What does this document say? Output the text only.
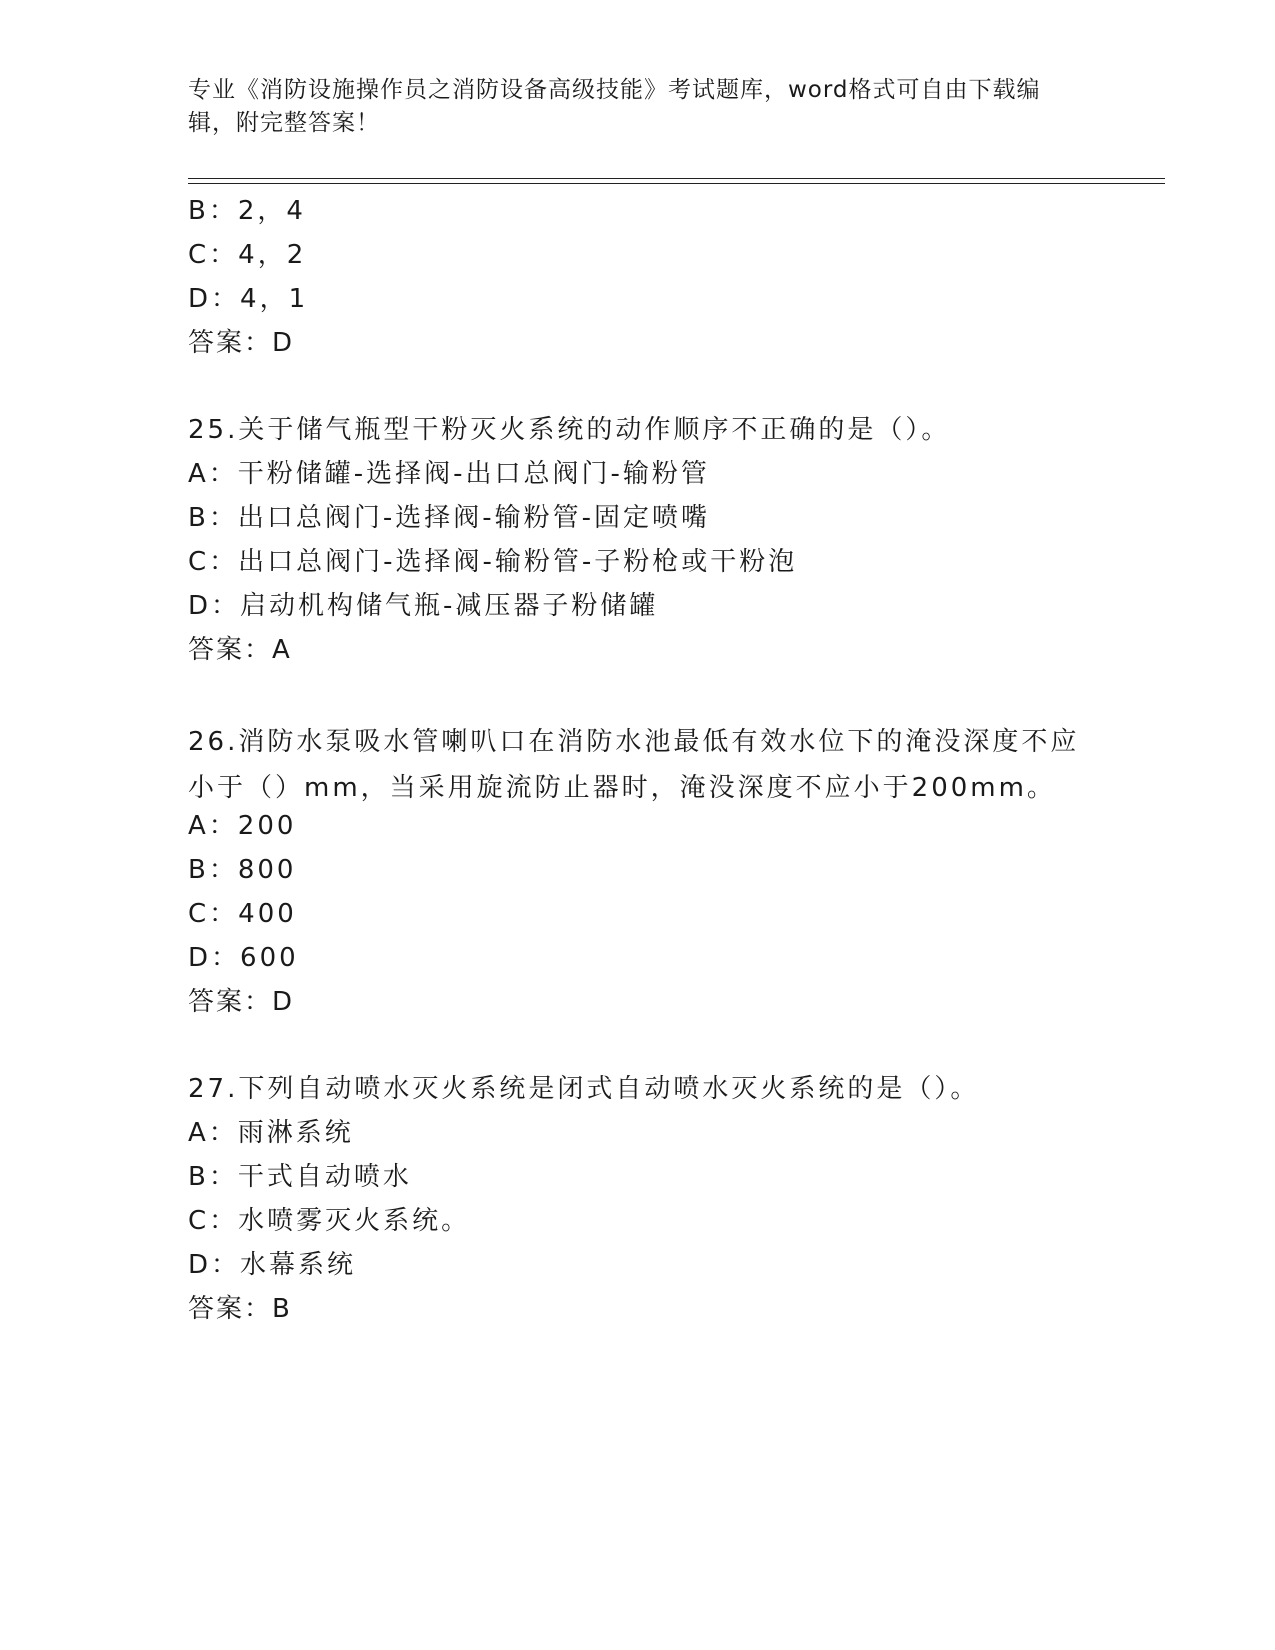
专业《消防设施操作员之消防设备高级技能》考试题库，word格式可自由下载编辑，附完整答案！
B：2，4
C：4，2
D：4，1
答案：D
25.关于储气瓶型干粉灭火系统的动作顺序不正确的是（）。
A：干粉储罐-选择阀-出口总阀门-输粉管
B：出口总阀门-选择阀-输粉管-固定喷嘴
C：出口总阀门-选择阀-输粉管-子粉枪或干粉泡
D：启动机构储气瓶-减压器子粉储罐
答案：A
26.消防水泵吸水管喇叭口在消防水池最低有效水位下的淹没深度不应小于（）mm，当采用旋流防止器时，淹没深度不应小于200mm。
A：200
B：800
C：400
D：600
答案：D
27.下列自动喷水灭火系统是闭式自动喷水灭火系统的是（）。
A：雨淋系统
B：干式自动喷水
C：水喷雾灭火系统。
D：水幕系统
答案：B
